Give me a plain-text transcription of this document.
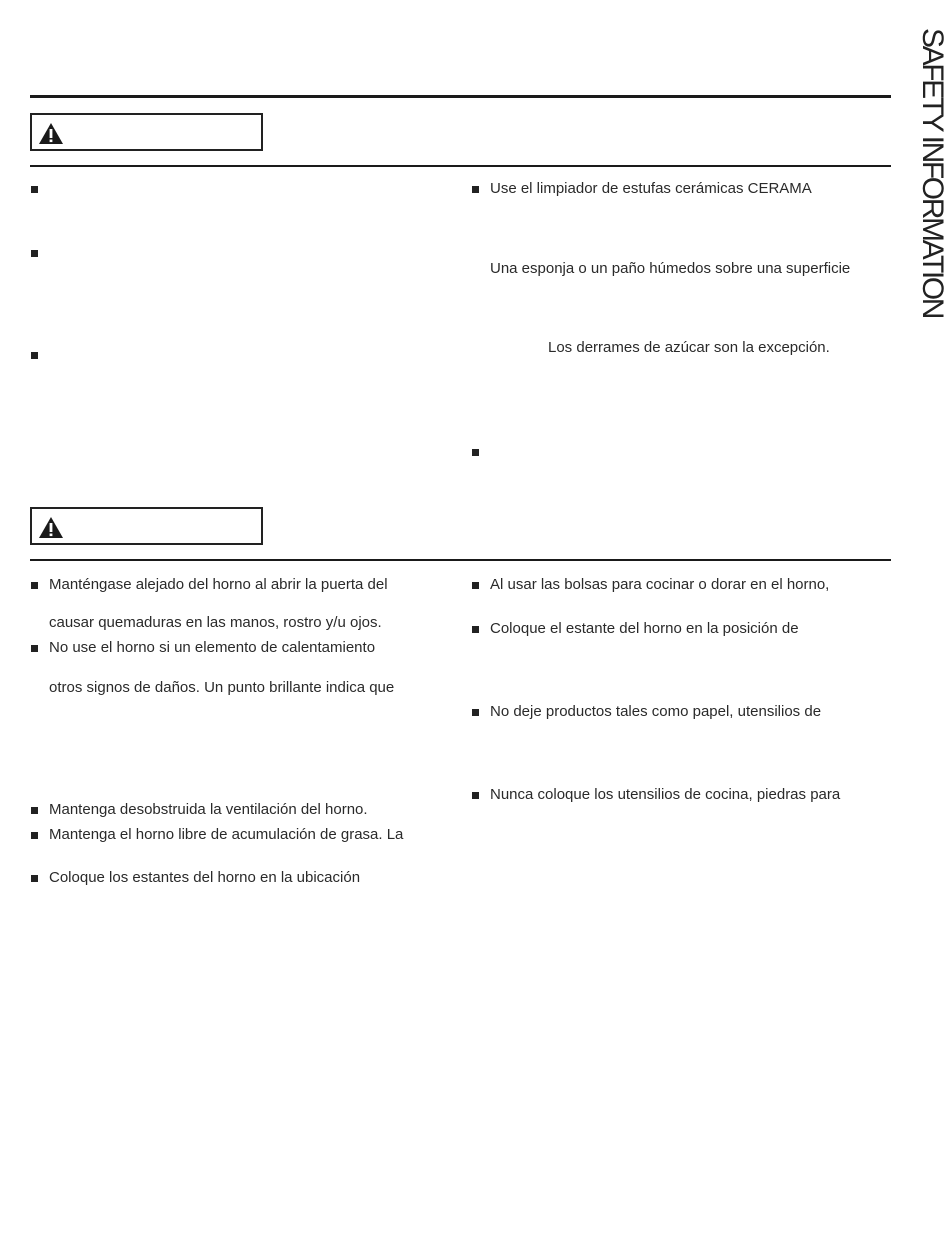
SAFETY INFORMATION
Use el limpiador de estufas cerámicas CERAMA
Una esponja o un paño húmedos sobre una superficie
Los derrames de azúcar son la excepción.
Manténgase alejado del horno al abrir la puerta del
causar quemaduras en las manos, rostro y/u ojos.
No use el horno si un elemento de calentamiento
otros signos de daños. Un punto brillante indica que
Mantenga desobstruida la ventilación del horno.
Mantenga el horno libre de acumulación de grasa. La
Coloque los estantes del horno en la ubicación
Al usar las bolsas para cocinar o dorar en el horno,
Coloque el estante del horno en la posición de
No deje productos tales como papel, utensilios de
Nunca coloque los utensilios de cocina, piedras para
